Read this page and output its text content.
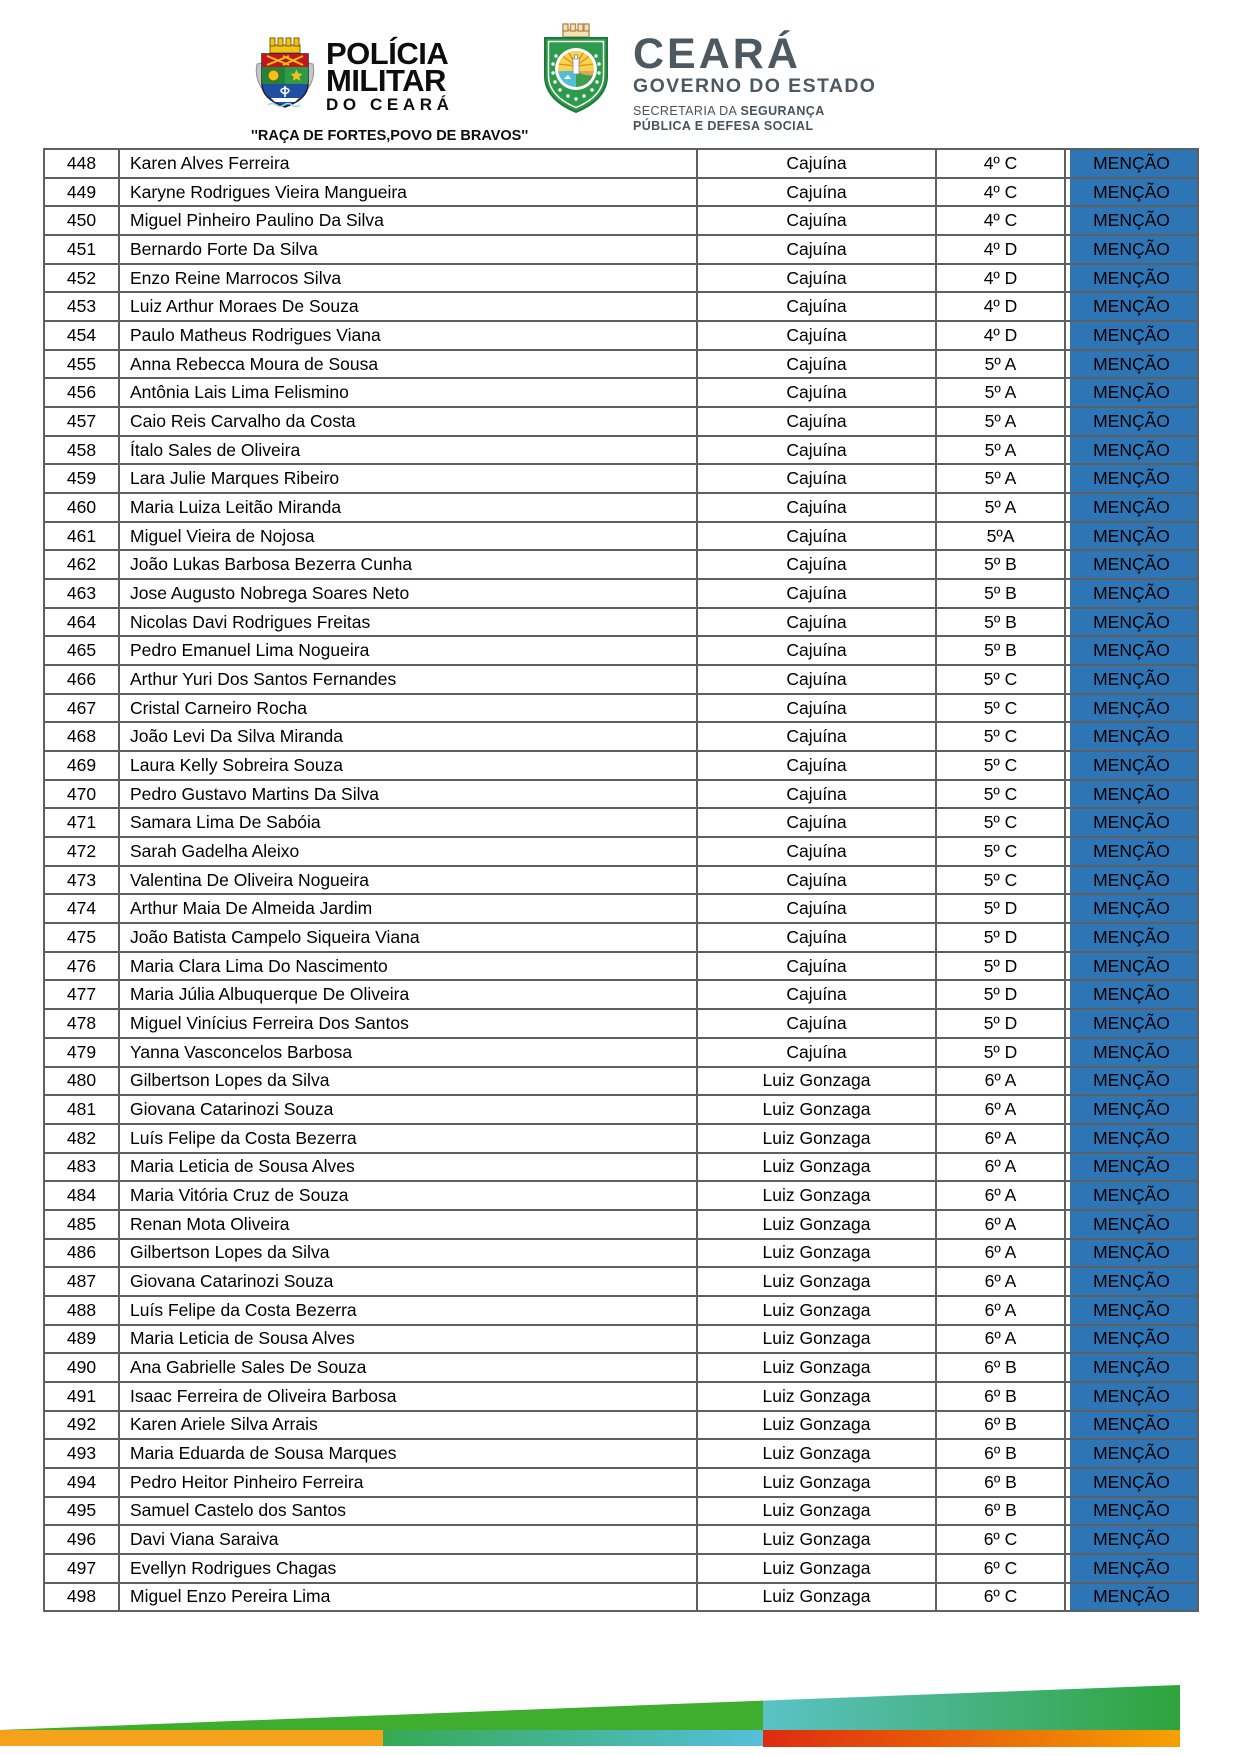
POLÍCIA
MILITAR
DO CEARÁ
''RAÇA DE FORTES,POVO DE BRAVOS''
CEARÁ
GOVERNO DO ESTADO
SECRETARIA DA SEGURANÇA
PÚBLICA E DEFESA SOCIAL
448	Karen Alves Ferreira	Cajuína	4º C	MENÇÃO
449	Karyne Rodrigues Vieira Mangueira	Cajuína	4º C	MENÇÃO
450	Miguel Pinheiro Paulino Da Silva	Cajuína	4º C	MENÇÃO
451	Bernardo Forte Da Silva	Cajuína	4º D	MENÇÃO
452	Enzo Reine Marrocos Silva	Cajuína	4º D	MENÇÃO
453	Luiz Arthur Moraes De Souza	Cajuína	4º D	MENÇÃO
454	Paulo Matheus Rodrigues Viana	Cajuína	4º D	MENÇÃO
455	Anna Rebecca Moura de Sousa	Cajuína	5º A	MENÇÃO
456	Antônia Lais Lima Felismino	Cajuína	5º A	MENÇÃO
457	Caio Reis Carvalho da Costa	Cajuína	5º A	MENÇÃO
458	Ítalo Sales de Oliveira	Cajuína	5º A	MENÇÃO
459	Lara Julie Marques Ribeiro	Cajuína	5º A	MENÇÃO
460	Maria Luiza Leitão Miranda	Cajuína	5º A	MENÇÃO
461	Miguel Vieira de Nojosa	Cajuína	5ºA	MENÇÃO
462	João Lukas Barbosa Bezerra Cunha	Cajuína	5º B	MENÇÃO
463	Jose Augusto Nobrega Soares Neto	Cajuína	5º B	MENÇÃO
464	Nicolas Davi Rodrigues Freitas	Cajuína	5º B	MENÇÃO
465	Pedro Emanuel Lima Nogueira	Cajuína	5º B	MENÇÃO
466	Arthur Yuri Dos Santos Fernandes	Cajuína	5º C	MENÇÃO
467	Cristal Carneiro Rocha	Cajuína	5º C	MENÇÃO
468	João Levi Da Silva Miranda	Cajuína	5º C	MENÇÃO
469	Laura Kelly Sobreira Souza	Cajuína	5º C	MENÇÃO
470	Pedro Gustavo Martins Da Silva	Cajuína	5º C	MENÇÃO
471	Samara Lima De Sabóia	Cajuína	5º C	MENÇÃO
472	Sarah Gadelha Aleixo	Cajuína	5º C	MENÇÃO
473	Valentina De Oliveira Nogueira	Cajuína	5º C	MENÇÃO
474	Arthur Maia De Almeida Jardim	Cajuína	5º D	MENÇÃO
475	João Batista Campelo Siqueira Viana	Cajuína	5º D	MENÇÃO
476	Maria Clara Lima Do Nascimento	Cajuína	5º D	MENÇÃO
477	Maria Júlia Albuquerque De Oliveira	Cajuína	5º D	MENÇÃO
478	Miguel Vinícius Ferreira Dos Santos	Cajuína	5º D	MENÇÃO
479	Yanna Vasconcelos Barbosa	Cajuína	5º D	MENÇÃO
480	Gilbertson Lopes da Silva	Luiz Gonzaga	6º A	MENÇÃO
481	Giovana Catarinozi Souza	Luiz Gonzaga	6º A	MENÇÃO
482	Luís Felipe da Costa Bezerra	Luiz Gonzaga	6º A	MENÇÃO
483	Maria Leticia de Sousa Alves	Luiz Gonzaga	6º A	MENÇÃO
484	Maria Vitória Cruz de Souza	Luiz Gonzaga	6º A	MENÇÃO
485	Renan Mota Oliveira	Luiz Gonzaga	6º A	MENÇÃO
486	Gilbertson Lopes da Silva	Luiz Gonzaga	6º A	MENÇÃO
487	Giovana Catarinozi Souza	Luiz Gonzaga	6º A	MENÇÃO
488	Luís Felipe da Costa Bezerra	Luiz Gonzaga	6º A	MENÇÃO
489	Maria Leticia de Sousa Alves	Luiz Gonzaga	6º A	MENÇÃO
490	Ana Gabrielle Sales De Souza	Luiz Gonzaga	6º B	MENÇÃO
491	Isaac Ferreira de Oliveira Barbosa	Luiz Gonzaga	6º B	MENÇÃO
492	Karen Ariele Silva Arrais	Luiz Gonzaga	6º B	MENÇÃO
493	Maria Eduarda de Sousa Marques	Luiz Gonzaga	6º B	MENÇÃO
494	Pedro Heitor Pinheiro Ferreira	Luiz Gonzaga	6º B	MENÇÃO
495	Samuel Castelo dos Santos	Luiz Gonzaga	6º B	MENÇÃO
496	Davi Viana Saraiva	Luiz Gonzaga	6º C	MENÇÃO
497	Evellyn Rodrigues Chagas	Luiz Gonzaga	6º C	MENÇÃO
498	Miguel Enzo Pereira Lima	Luiz Gonzaga	6º C	MENÇÃO
